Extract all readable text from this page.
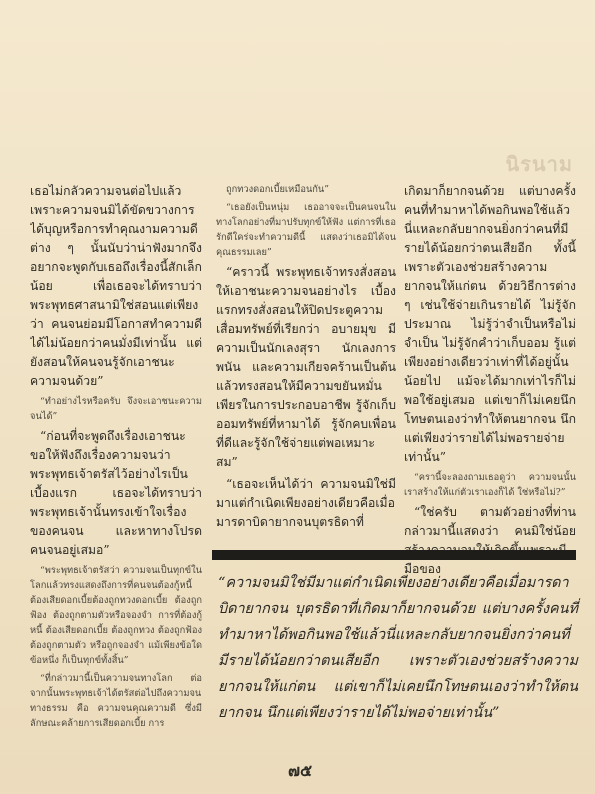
นิรนาม

เธอไม่กลัวความจนต่อไปแล้ว เพราะความจนมิได้ขัดขวางการได้บุญหรือการทำคุณงามความดีต่าง ๆ นั้นนับว่าน่าฟังมากจึงอยากจะพูดกับเธอถึงเรื่องนี้สักเล็กน้อย เพื่อเธอจะได้ทราบว่าพระพุทธศาสนามิใช่สอนแต่เพียงว่า คนจนย่อมมีโอกาสทำความดีได้ไม่น้อยกว่าคนมั่งมีเท่านั้น แต่ยังสอนให้คนจนรู้จักเอาชนะความจนด้วย”

“ทำอย่างไรหรือครับ จึงจะเอาชนะความจนได้”

“ก่อนที่จะพูดถึงเรื่องเอาชนะ ขอให้ฟังถึงเรื่องความจนว่า พระพุทธเจ้าตรัสไว้อย่างไรเป็นเบื้องแรก เธอจะได้ทราบว่าพระพุทธเจ้านั้นทรงเข้าใจเรื่องของคนจน และหาทางโปรดคนจนอยู่เสมอ”

“พระพุทธเจ้าตรัสว่า ความจนเป็นทุกข์ในโลกแล้วทรงแสดงถึงการที่คนจนต้องกู้หนี้ ต้องเสียดอกเบี้ยต้องถูกทวงดอกเบี้ย ต้องถูกฟ้อง ต้องถูกตามตัวหรือจองจำ การที่ต้องกู้หนี้ ต้องเสียดอกเบี้ย ต้องถูกทวง ต้องถูกฟ้อง ต้องถูกตามตัว หรือถูกจองจำ แม้เพียงข้อใดข้อหนึ่ง ก็เป็นทุกข์ทั้งสิ้น”

“ที่กล่าวมานี้เป็นความจนทางโลก ต่อจากนั้นพระพุทธเจ้าได้ตรัสต่อไปถึงความจนทางธรรม คือ ความจนคุณความดี ซึ่งมีลักษณะคล้ายการเสียดอกเบี้ย การ

ถูกทวงดอกเบี้ยเหมือนกัน”

“เธอยังเป็นหนุ่ม เธออาจจะเป็นคนจนในทางโลกอย่างที่มาปรับทุกข์ให้ฟัง แต่การที่เธอรักดีใคร่จะทำความดีนี้ แสดงว่าเธอมิได้จนคุณธรรมเลย”

“คราวนี้ พระพุทธเจ้าทรงสั่งสอนให้เอาชนะความจนอย่างไร เบื้องแรกทรงสั่งสอนให้ปิดประตูความเสื่อมทรัพย์ที่เรียกว่า อบายมุข มีความเป็นนักเลงสุรา นักเลงการพนัน และความเกียจคร้านเป็นต้น แล้วทรงสอนให้มีความขยันหมั่นเพียรในการประกอบอาชีพ รู้จักเก็บออมทรัพย์ที่หามาได้ รู้จักคบเพื่อนที่ดีและรู้จักใช้จ่ายแต่พอเหมาะสม”

“เธอจะเห็นได้ว่า ความจนมิใช่มีมาแต่กำเนิดเพียงอย่างเดียวคือเมื่อมารดาบิดายากจนบุตรธิดาที่

เกิดมาก็ยากจนด้วย แต่บางครั้งคนที่ทำมาหาได้พอกินพอใช้แล้วนี่แหละกลับยากจนยิ่งกว่าคนที่มีรายได้น้อยกว่าตนเสียอีก ทั้งนี้เพราะตัวเองช่วยสร้างความยากจนให้แก่ตน ด้วยวิธีการต่าง ๆ เช่นใช้จ่ายเกินรายได้ ไม่รู้จักประมาณ ไม่รู้ว่าจำเป็นหรือไม่จำเป็น ไม่รู้จักคำว่าเก็บออม รู้แต่เพียงอย่างเดียวว่าเท่าที่ได้อยู่นั้นน้อยไป แม้จะได้มากเท่าไรก็ไม่พอใช้อยู่เสมอ แต่เขาก็ไม่เคยนึกโทษตนเองว่าทำให้ตนยากจน นึกแต่เพียงว่ารายได้ไม่พอรายจ่ายเท่านั้น”

“ครานี้จะลองถามเธอดูว่า ความจนนั้นเราสร้างให้แก่ตัวเราเองก็ได้ ใช่หรือไม่?”

“ใช่ครับ ตามตัวอย่างที่ท่านกล่าวมานี้แสดงว่า คนมิใช่น้อย มือของ

“ความจนมิใช่มีมาแต่กำเนิดเพียงอย่างเดียวคือเมื่อมารดาบิดายากจน บุตรธิดาที่เกิดมาก็ยากจนด้วย แต่บางครั้งคนที่ทำมาหาได้พอกินพอใช้แล้วนี่แหละกลับยากจนยิ่งกว่าคนที่มีรายได้น้อยกว่าตนเสียอีก เพราะตัวเองช่วยสร้างความยากจนให้แก่ตน แต่เขาก็ไม่เคยนึกโทษตนเองว่าทำให้ตนยากจน นึกแต่เพียงว่ารายได้ไม่พอจ่ายเท่านั้น”

๗๕
